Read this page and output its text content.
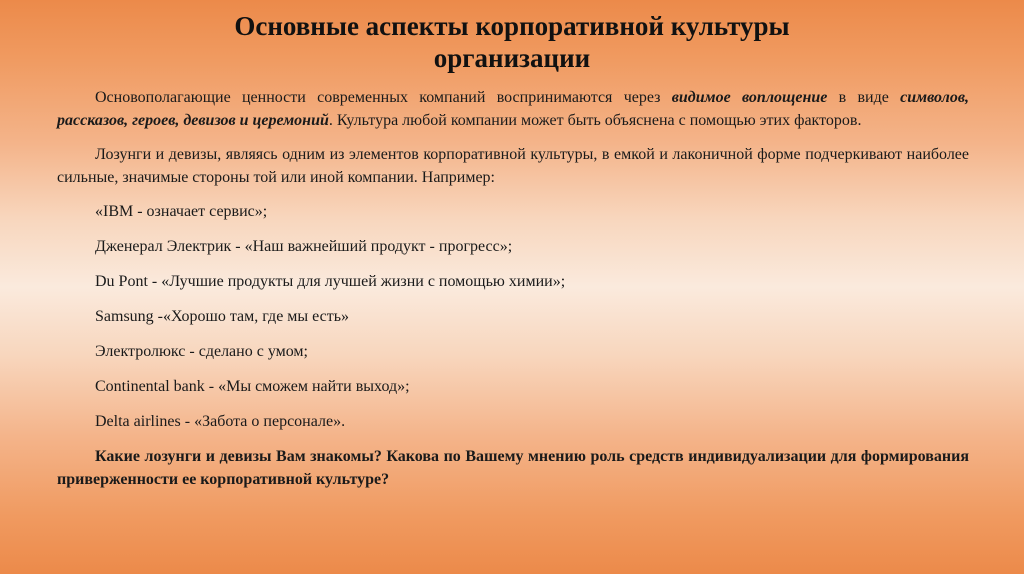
Основные аспекты корпоративной культуры
организации

Основополагающие ценности современных компаний воспринимаются через видимое воплощение в виде символов, рассказов, героев, девизов и церемоний. Культура любой компании может быть объяснена с помощью этих факторов.

Лозунги и девизы, являясь одним из элементов корпоративной культуры, в емкой и лаконичной форме подчеркивают наиболее сильные, значимые стороны той или иной компании. Например:

«IBM - означает сервис»;
Дженерал Электрик - «Наш важнейший продукт - прогресс»;
Du Pont - «Лучшие продукты для лучшей жизни с помощью химии»;
Samsung -«Хорошо там, где мы есть»
Электролюкс - сделано с умом;
Continental bank - «Мы сможем найти выход»;
Delta airlines - «Забота о персонале».

Какие лозунги и девизы Вам знакомы? Какова по Вашему мнению роль средств индивидуализации для формирования приверженности ее корпоративной культуре?
